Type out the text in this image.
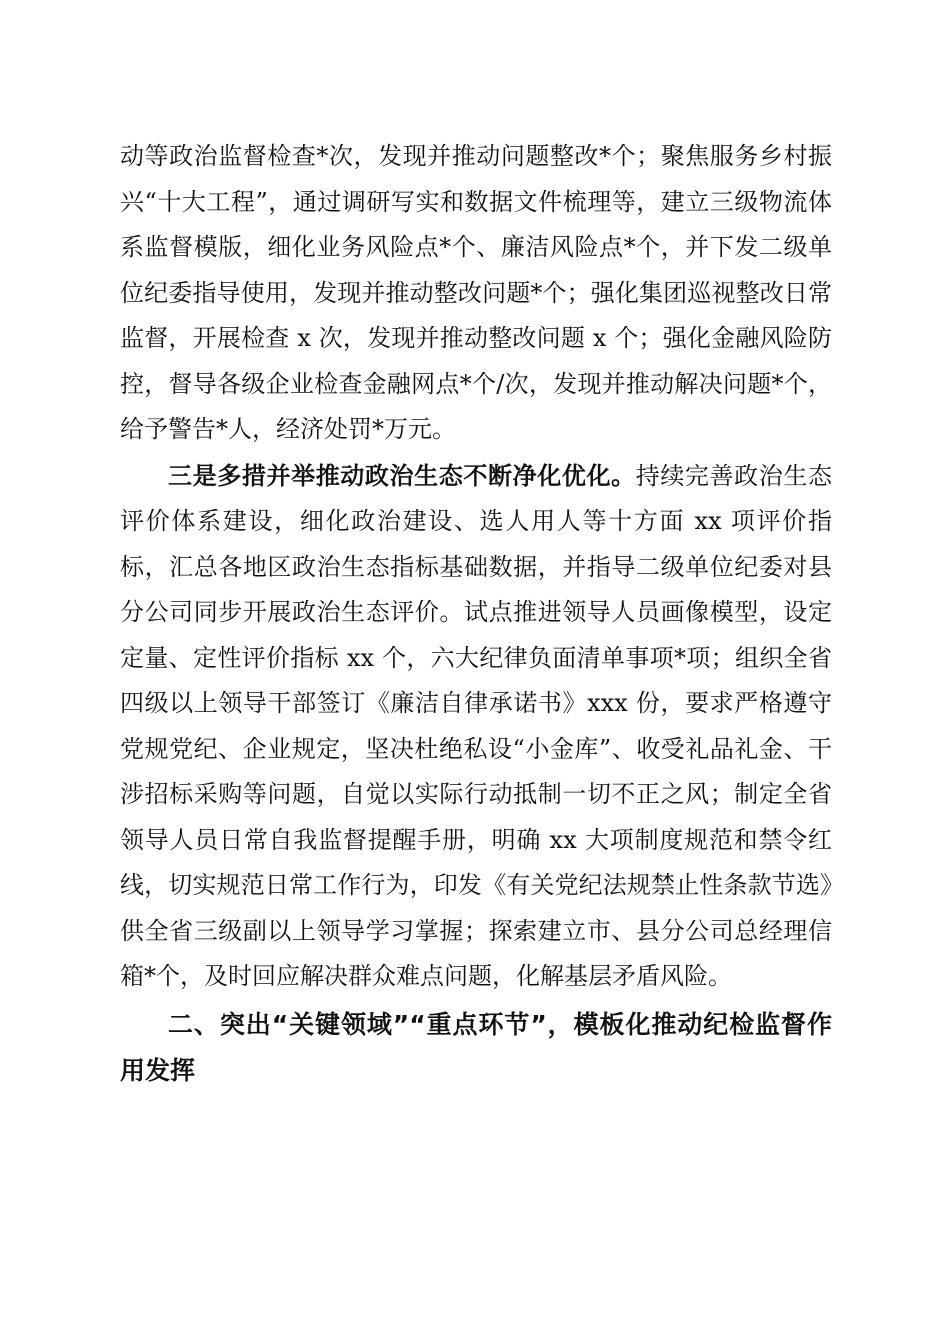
动等政治监督检查*次，发现并推动问题整改*个；聚焦服务乡村振兴“十大工程”，通过调研写实和数据文件梳理等，建立三级物流体系监督模版，细化业务风险点*个、廉洁风险点*个，并下发二级单位纪委指导使用，发现并推动整改问题*个；强化集团巡视整改日常监督，开展检查 x 次，发现并推动整改问题 x 个；强化金融风险防控，督导各级企业检查金融网点*个/次，发现并推动解决问题*个，给予警告*人，经济处罚*万元。

三是多措并举推动政治生态不断净化优化。持续完善政治生态评价体系建设，细化政治建设、选人用人等十方面 xx 项评价指标，汇总各地区政治生态指标基础数据，并指导二级单位纪委对县分公司同步开展政治生态评价。试点推进领导人员画像模型，设定定量、定性评价指标 xx 个，六大纪律负面清单事项*项；组织全省四级以上领导干部签订《廉洁自律承诺书》xxx 份，要求严格遵守党规党纪、企业规定，坚决杜绝私设“小金库”、收受礼品礼金、干涉招标采购等问题，自觉以实际行动抵制一切不正之风；制定全省领导人员日常自我监督提醒手册，明确 xx 大项制度规范和禁令红线，切实规范日常工作行为，印发《有关党纪法规禁止性条款节选》供全省三级副以上领导学习掌握；探索建立市、县分公司总经理信箱*个，及时回应解决群众难点问题，化解基层矛盾风险。

二、突出“关键领域”“重点环节”，模板化推动纪检监督作用发挥
